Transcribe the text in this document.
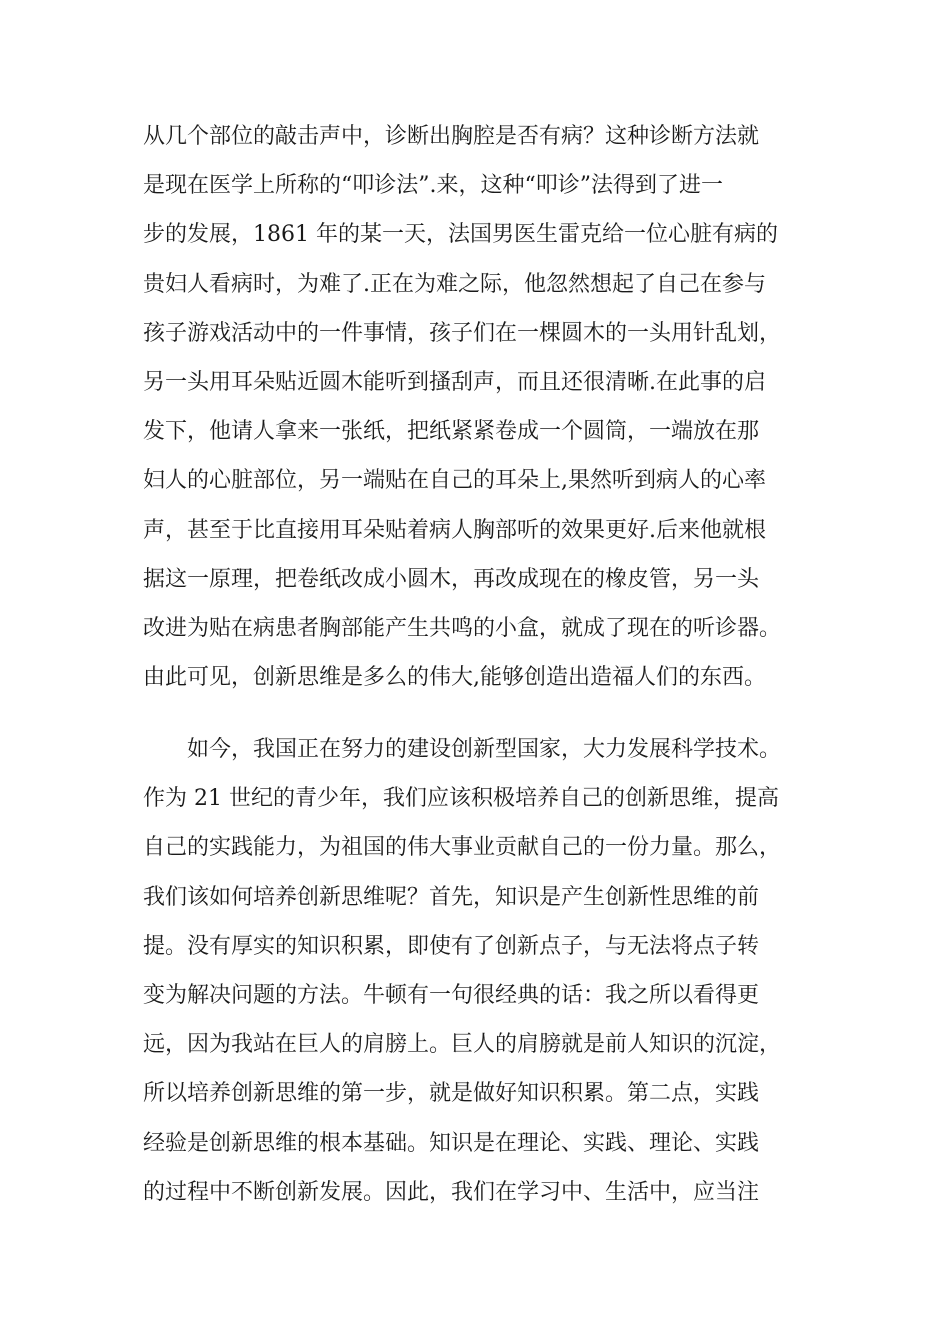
从几个部位的敲击声中，诊断出胸腔是否有病？这种诊断方法就
是现在医学上所称的“叩诊法”.来，这种“叩诊”法得到了进一
步的发展，1861 年的某一天，法国男医生雷克给一位心脏有病的
贵妇人看病时，为难了.正在为难之际，他忽然想起了自己在参与
孩子游戏活动中的一件事情，孩子们在一棵圆木的一头用针乱划，
另一头用耳朵贴近圆木能听到搔刮声，而且还很清晰.在此事的启
发下，他请人拿来一张纸，把纸紧紧卷成一个圆筒，一端放在那
妇人的心脏部位，另一端贴在自己的耳朵上,果然听到病人的心率
声，甚至于比直接用耳朵贴着病人胸部听的效果更好.后来他就根
据这一原理，把卷纸改成小圆木，再改成现在的橡皮管，另一头
改进为贴在病患者胸部能产生共鸣的小盒，就成了现在的听诊器。
由此可见，创新思维是多么的伟大,能够创造出造福人们的东西。
如今，我国正在努力的建设创新型国家，大力发展科学技术。
作为 21 世纪的青少年，我们应该积极培养自己的创新思维，提高
自己的实践能力，为祖国的伟大事业贡献自己的一份力量。那么，
我们该如何培养创新思维呢？首先，知识是产生创新性思维的前
提。没有厚实的知识积累，即使有了创新点子，与无法将点子转
变为解决问题的方法。牛顿有一句很经典的话：我之所以看得更
远，因为我站在巨人的肩膀上。巨人的肩膀就是前人知识的沉淀，
所以培养创新思维的第一步，就是做好知识积累。第二点，实践
经验是创新思维的根本基础。知识是在理论、实践、理论、实践
的过程中不断创新发展。因此，我们在学习中、生活中，应当注
